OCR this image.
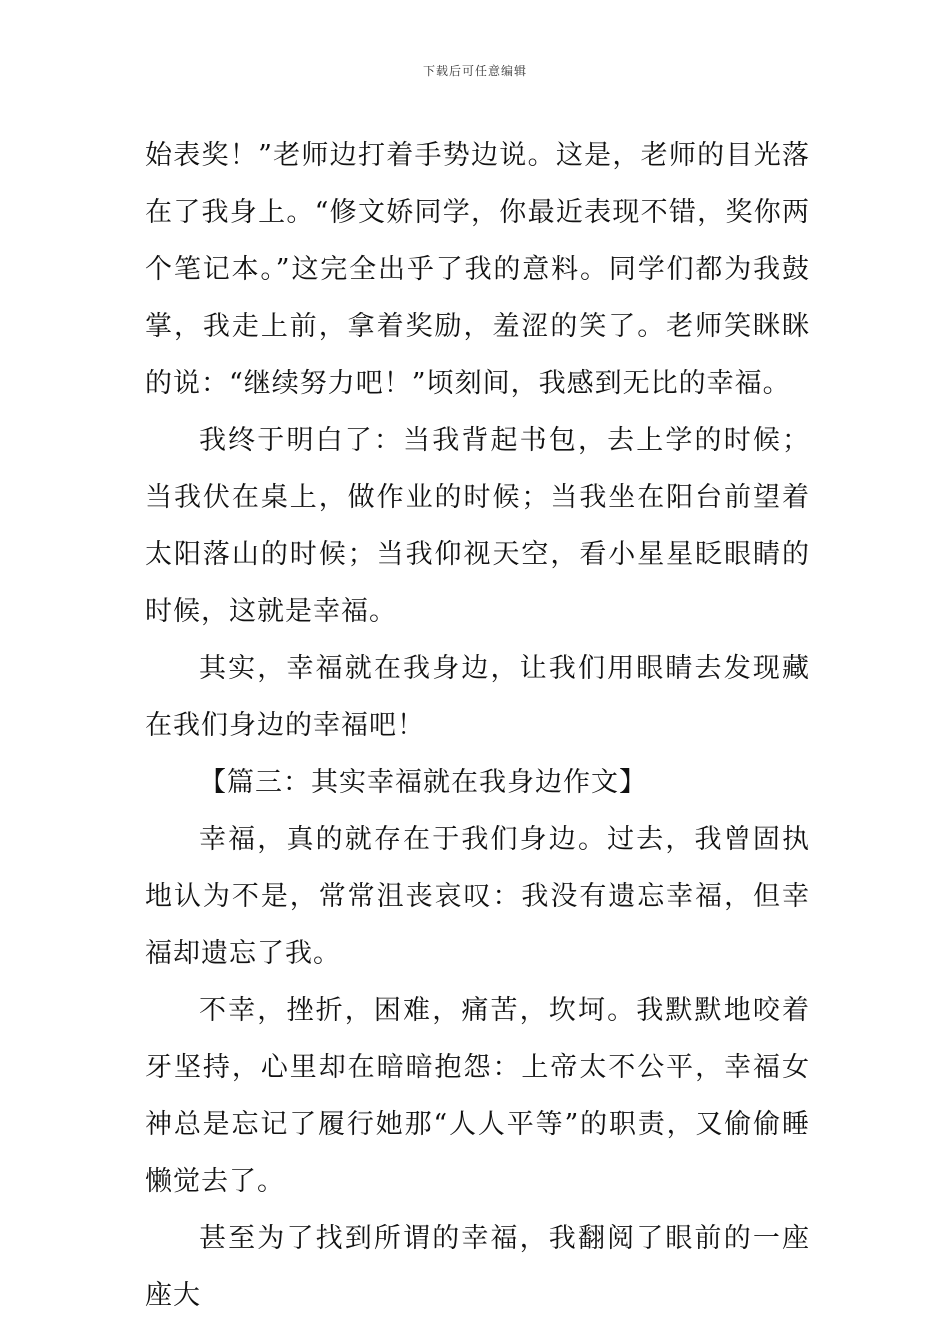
下载后可任意编辑

始表奖！”老师边打着手势边说。这是，老师的目光落在了我身上。“修文娇同学，你最近表现不错，奖你两个笔记本。”这完全出乎了我的意料。同学们都为我鼓掌，我走上前，拿着奖励，羞涩的笑了。老师笑眯眯的说：“继续努力吧！”顷刻间，我感到无比的幸福。

我终于明白了：当我背起书包，去上学的时候；当我伏在桌上，做作业的时候；当我坐在阳台前望着太阳落山的时候；当我仰视天空，看小星星眨眼睛的时候，这就是幸福。

其实，幸福就在我身边，让我们用眼睛去发现藏在我们身边的幸福吧！

【篇三：其实幸福就在我身边作文】

幸福，真的就存在于我们身边。过去，我曾固执地认为不是，常常沮丧哀叹：我没有遗忘幸福，但幸福却遗忘了我。

不幸，挫折，困难，痛苦，坎坷。我默默地咬着牙坚持，心里却在暗暗抱怨：上帝太不公平，幸福女神总是忘记了履行她那“人人平等”的职责，又偷偷睡懒觉去了。

甚至为了找到所谓的幸福，我翻阅了眼前的一座座大
